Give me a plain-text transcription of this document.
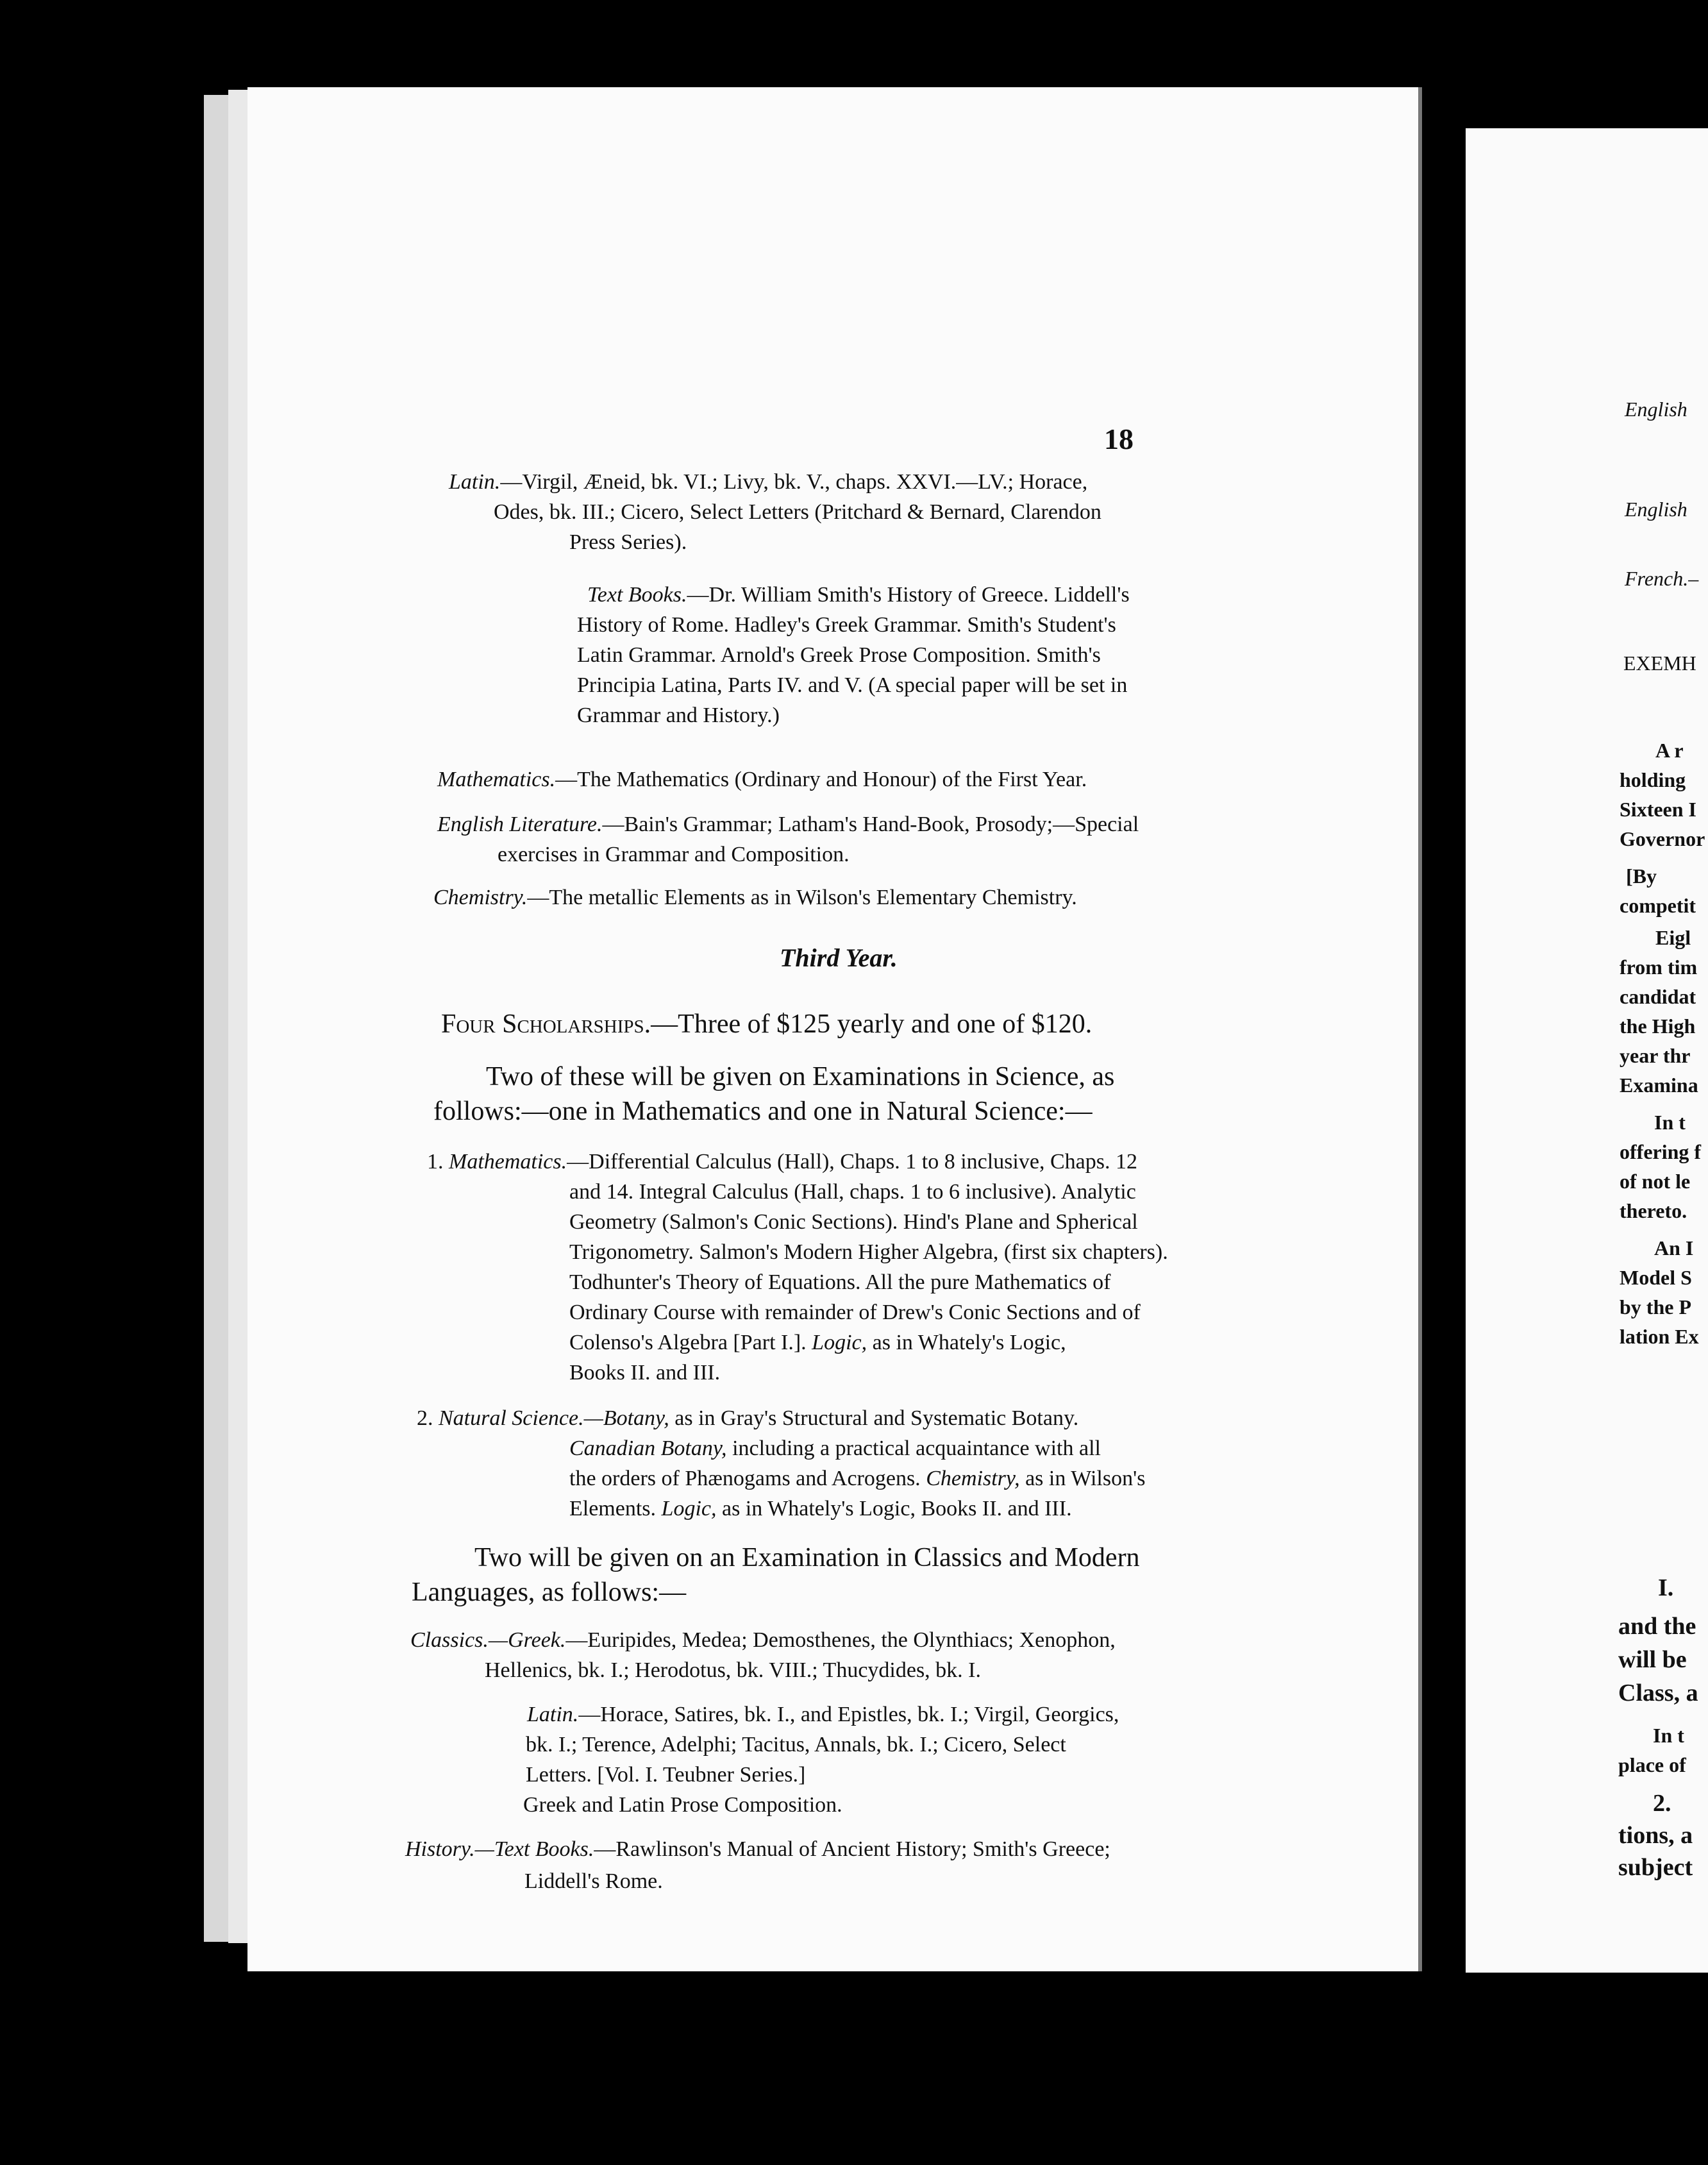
18
Latin.—Virgil, Æneid, bk. VI.; Livy, bk. V., chaps. XXVI.—LV.; Horace,
Odes, bk. III.; Cicero, Select Letters (Pritchard & Bernard, Clarendon
Press Series).
Text Books.—Dr. William Smith's History of Greece. Liddell's
History of Rome. Hadley's Greek Grammar. Smith's Student's
Latin Grammar. Arnold's Greek Prose Composition. Smith's
Principia Latina, Parts IV. and V. (A special paper will be set in
Grammar and History.)
Mathematics.—The Mathematics (Ordinary and Honour) of the First Year.
English Literature.—Bain's Grammar; Latham's Hand-Book, Prosody;—Special
exercises in Grammar and Composition.
Chemistry.—The metallic Elements as in Wilson's Elementary Chemistry.
Third Year.
Four Scholarships.—Three of $125 yearly and one of $120.
Two of these will be given on Examinations in Science, as
follows:—one in Mathematics and one in Natural Science:—
1. Mathematics.—Differential Calculus (Hall), Chaps. 1 to 8 inclusive, Chaps. 12
and 14. Integral Calculus (Hall, chaps. 1 to 6 inclusive). Analytic
Geometry (Salmon's Conic Sections). Hind's Plane and Spherical
Trigonometry. Salmon's Modern Higher Algebra, (first six chapters).
Todhunter's Theory of Equations. All the pure Mathematics of
Ordinary Course with remainder of Drew's Conic Sections and of
Colenso's Algebra [Part I.]. Logic, as in Whately's Logic,
Books II. and III.
2. Natural Science.—Botany, as in Gray's Structural and Systematic Botany.
Canadian Botany, including a practical acquaintance with all
the orders of Phænogams and Acrogens. Chemistry, as in Wilson's
Elements. Logic, as in Whately's Logic, Books II. and III.
Two will be given on an Examination in Classics and Modern
Languages, as follows:—
Classics.—Greek.—Euripides, Medea; Demosthenes, the Olynthiacs; Xenophon,
Hellenics, bk. I.; Herodotus, bk. VIII.; Thucydides, bk. I.
Latin.—Horace, Satires, bk. I., and Epistles, bk. I.; Virgil, Georgics,
bk. I.; Terence, Adelphi; Tacitus, Annals, bk. I.; Cicero, Select
Letters. [Vol. I. Teubner Series.]
Greek and Latin Prose Composition.
History.—Text Books.—Rawlinson's Manual of Ancient History; Smith's Greece;
Liddell's Rome.
English
English
French.–
EXEMH
A r
holding
Sixteen I
Governor
[By
competit
Eigl
from tim
candidat
the High
year thr
Examina
In t
offering f
of not le
thereto.
An I
Model S
by the P
lation Ex
I.
and the
will be
Class, a
In t
place of
2.
tions, a
subject
